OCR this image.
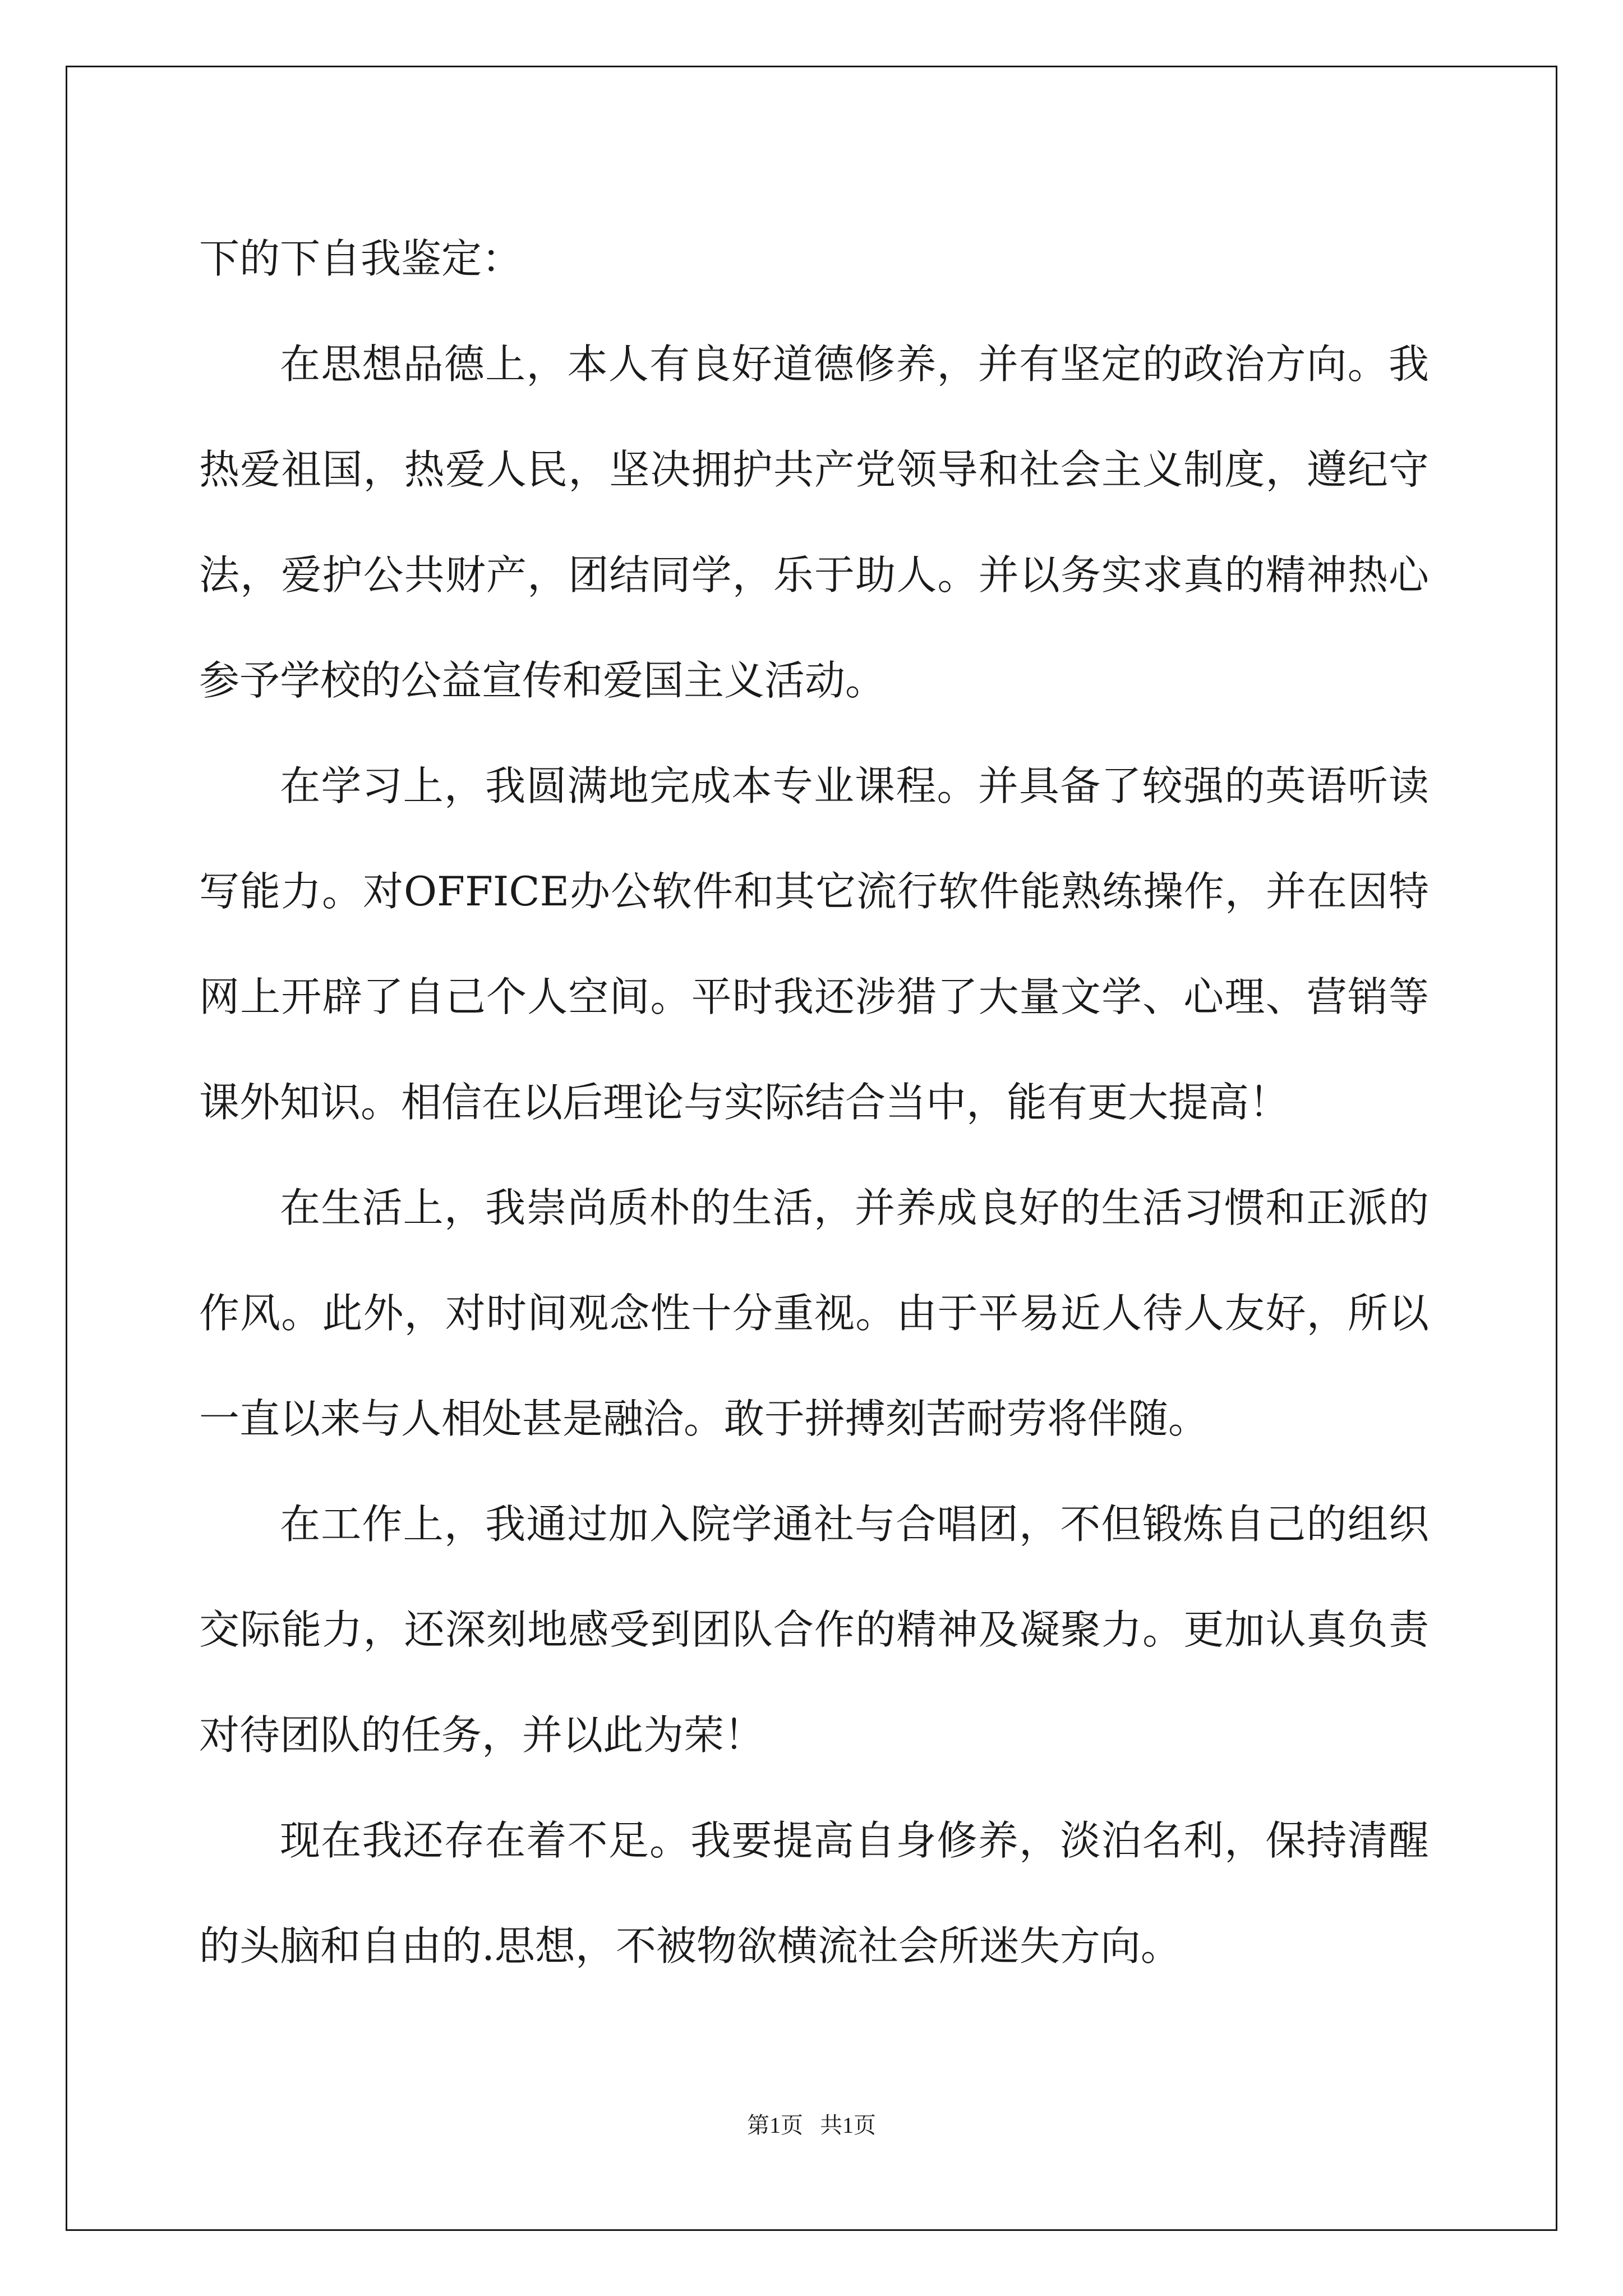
下的下自我鉴定：

在思想品德上，本人有良好道德修养，并有坚定的政治方向。我热爱祖国，热爱人民，坚决拥护共产党领导和社会主义制度，遵纪守法，爱护公共财产，团结同学，乐于助人。并以务实求真的精神热心参予学校的公益宣传和爱国主义活动。

在学习上，我圆满地完成本专业课程。并具备了较强的英语听读写能力。对OFFICE办公软件和其它流行软件能熟练操作，并在因特网上开辟了自己个人空间。平时我还涉猎了大量文学、心理、营销等课外知识。相信在以后理论与实际结合当中，能有更大提高！

在生活上，我崇尚质朴的生活，并养成良好的生活习惯和正派的作风。此外，对时间观念性十分重视。由于平易近人待人友好，所以一直以来与人相处甚是融洽。敢于拼搏刻苦耐劳将伴随。

在工作上，我通过加入院学通社与合唱团，不但锻炼自己的组织交际能力，还深刻地感受到团队合作的精神及凝聚力。更加认真负责对待团队的任务，并以此为荣！

现在我还存在着不足。我要提高自身修养，淡泊名利，保持清醒的头脑和自由的.思想，不被物欲横流社会所迷失方向。

第1页   共1页
